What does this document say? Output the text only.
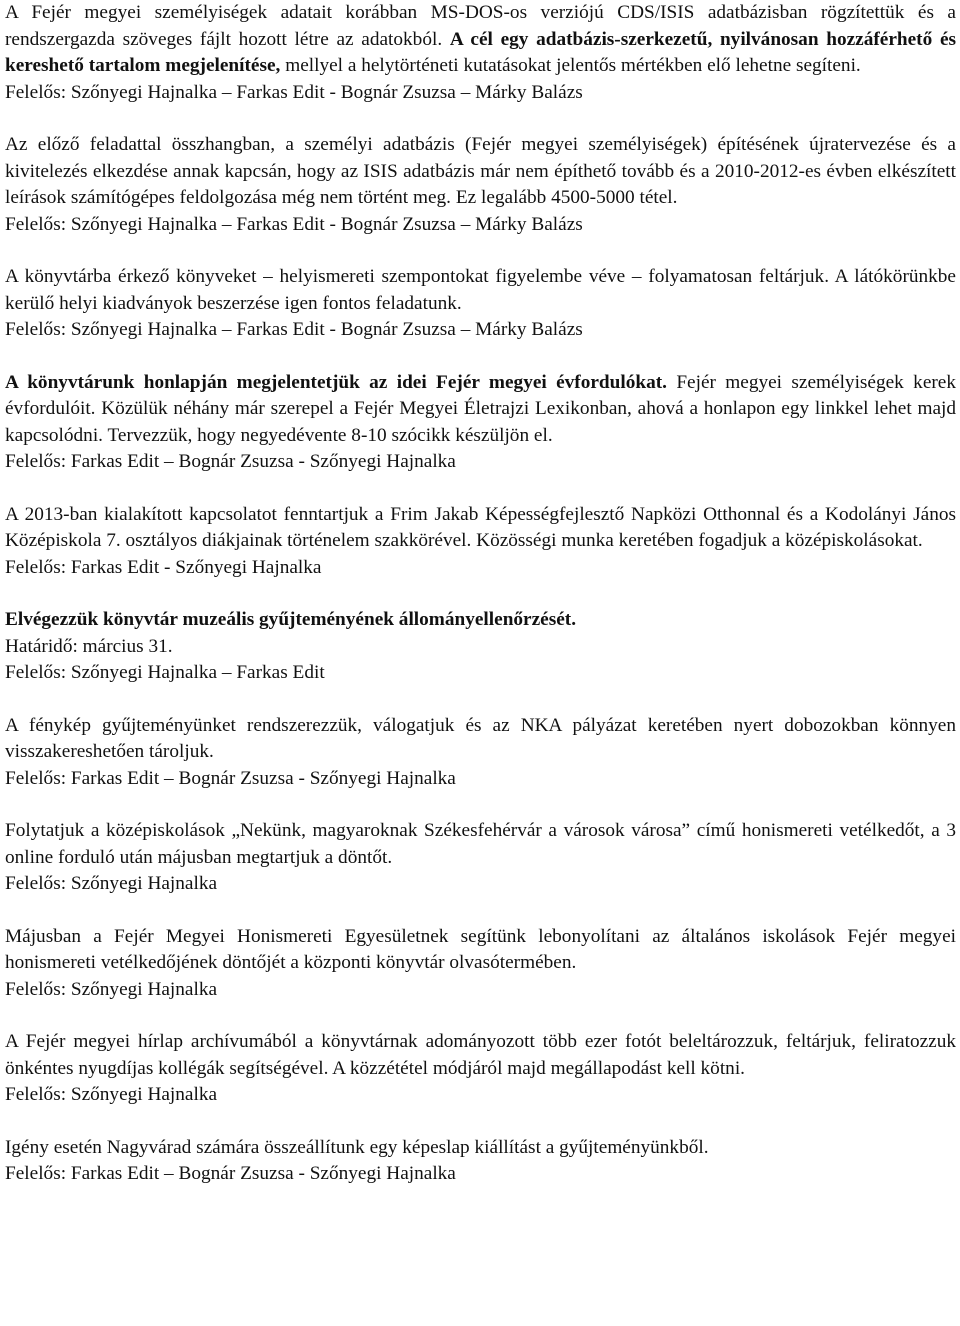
A Fejér megyei személyiségek adatait korábban MS-DOS-os verziójú CDS/ISIS adatbázisban rögzítettük és a rendszergazda szöveges fájlt hozott létre az adatokból. A cél egy adatbázis-szerkezetű, nyilvánosan hozzáférhető és kereshető tartalom megjelenítése, mellyel a helytörténeti kutatásokat jelentős mértékben elő lehetne segíteni.
Felelős: Szőnyegi Hajnalka – Farkas Edit - Bognár Zsuzsa – Márky Balázs
Az előző feladattal összhangban, a személyi adatbázis (Fejér megyei személyiségek) építésének újratervezése és a kivitelezés elkezdése annak kapcsán, hogy az ISIS adatbázis már nem építhető tovább és a 2010-2012-es évben elkészített leírások számítógépes feldolgozása még nem történt meg. Ez legalább 4500-5000 tétel.
Felelős: Szőnyegi Hajnalka – Farkas Edit - Bognár Zsuzsa – Márky Balázs
A könyvtárba érkező könyveket – helyismereti szempontokat figyelembe véve – folyamatosan feltárjuk. A látókörünkbe kerülő helyi kiadványok beszerzése igen fontos feladatunk.
Felelős: Szőnyegi Hajnalka – Farkas Edit - Bognár Zsuzsa – Márky Balázs
A könyvtárunk honlapján megjelentetjük az idei Fejér megyei évfordulókat. Fejér megyei személyiségek kerek évfordulóit. Közülük néhány már szerepel a Fejér Megyei Életrajzi Lexikonban, ahová a honlapon egy linkkel lehet majd kapcsolódni. Tervezzük, hogy negyedévente 8-10 szócikk készüljön el.
Felelős: Farkas Edit – Bognár Zsuzsa - Szőnyegi Hajnalka
A 2013-ban kialakított kapcsolatot fenntartjuk a Frim Jakab Képességfejlesztő Napközi Otthonnal és a Kodolányi János Középiskola 7. osztályos diákjainak történelem szakkörével. Közösségi munka keretében fogadjuk a középiskolásokat.
Felelős: Farkas Edit - Szőnyegi Hajnalka
Elvégezzük könyvtár muzeális gyűjteményének állományellenőrzését.
Határidő: március 31.
Felelős: Szőnyegi Hajnalka – Farkas Edit
A fénykép gyűjteményünket rendszerezzük, válogatjuk és az NKA pályázat keretében nyert dobozokban könnyen visszakereshetően tároljuk.
Felelős: Farkas Edit – Bognár Zsuzsa - Szőnyegi Hajnalka
Folytatjuk a középiskolások „Nekünk, magyaroknak Székesfehérvár a városok városa” című honismereti vetélkedőt, a 3 online forduló után májusban megtartjuk a döntőt.
Felelős: Szőnyegi Hajnalka
Májusban a Fejér Megyei Honismereti Egyesületnek segítünk lebonyolítani az általános iskolások Fejér megyei honismereti vetélkedőjének döntőjét a központi könyvtár olvasótermében.
Felelős: Szőnyegi Hajnalka
A Fejér megyei hírlap archívumából a könyvtárnak adományozott több ezer fotót beleltározzuk, feltárjuk, feliratozzuk önkéntes nyugdíjas kollégák segítségével. A közzététel módjáról majd megállapodást kell kötni.
Felelős: Szőnyegi Hajnalka
Igény esetén Nagyvárad számára összeállítunk egy képeslap kiállítást a gyűjteményünkből.
Felelős: Farkas Edit – Bognár Zsuzsa - Szőnyegi Hajnalka
